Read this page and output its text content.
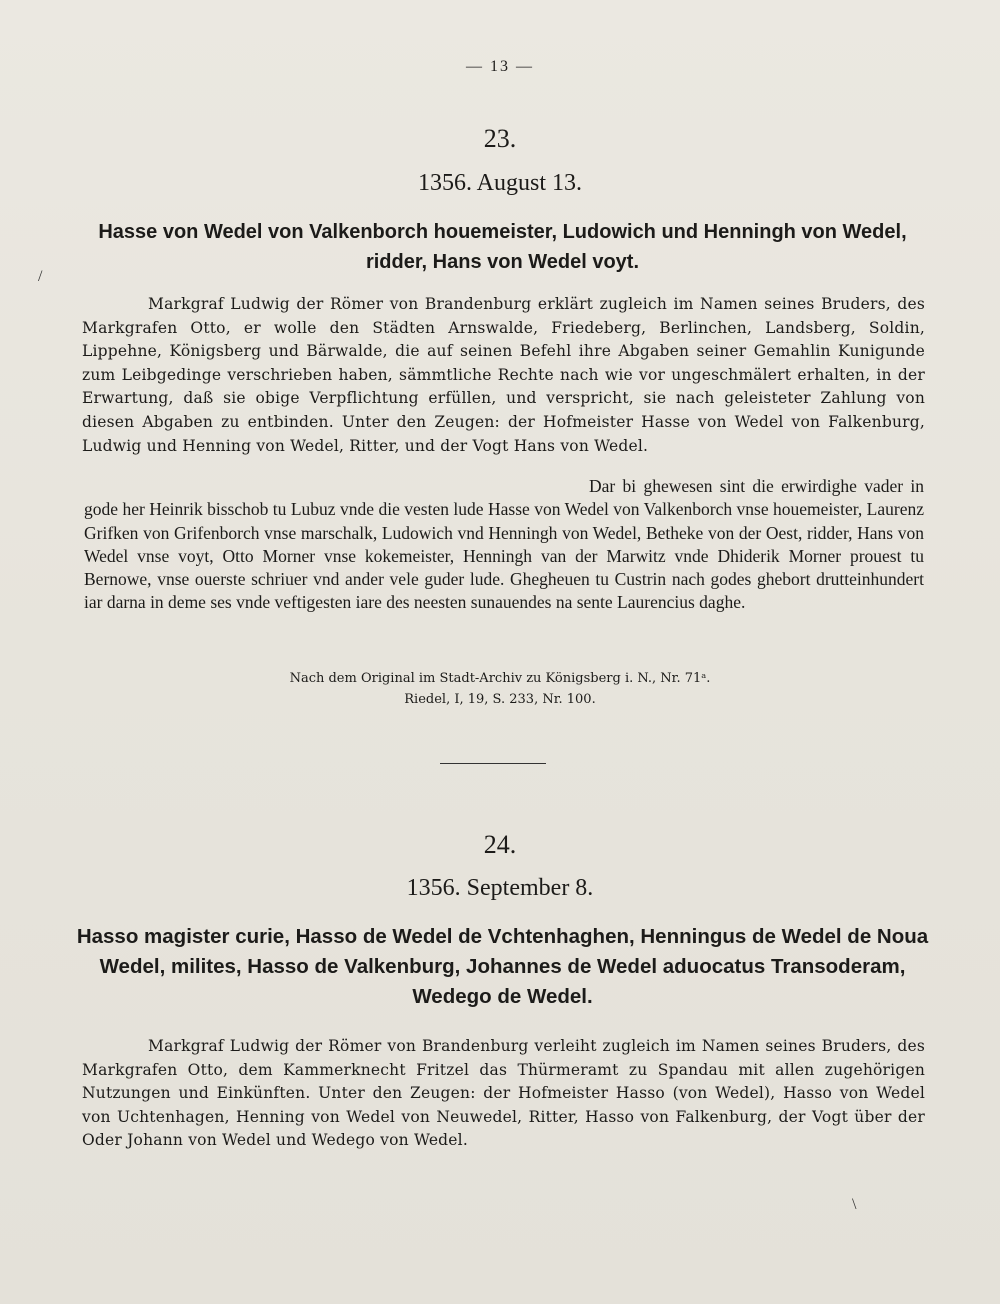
— 13 —
23.
1356. August 13.
Hasse von Wedel von Valkenborch houemeister, Ludowich und Henningh von Wedel, ridder, Hans von Wedel voyt.
Markgraf Ludwig der Römer von Brandenburg erklärt zugleich im Namen seines Bruders, des Markgrafen Otto, er wolle den Städten Arnswalde, Friedeberg, Berlinchen, Landsberg, Soldin, Lippehne, Königsberg und Bärwalde, die auf seinen Befehl ihre Abgaben seiner Gemahlin Kunigunde zum Leibgedinge verschrieben haben, sämmtliche Rechte nach wie vor ungeschmälert erhalten, in der Erwartung, daß sie obige Verpflichtung erfüllen, und verspricht, sie nach geleisteter Zahlung von diesen Abgaben zu entbinden. Unter den Zeugen: der Hofmeister Hasse von Wedel von Falkenburg, Ludwig und Henning von Wedel, Ritter, und der Vogt Hans von Wedel.
Dar bi ghewesen sint die erwirdighe vader in gode her Heinrik bisschob tu Lubuz vnde die vesten lude Hasse von Wedel von Valkenborch vnse houemeister, Laurenz Grifken von Grifenborch vnse marschalk, Ludowich vnd Henningh von Wedel, Betheke von der Oest, ridder, Hans von Wedel vnse voyt, Otto Morner vnse kokemeister, Henningh van der Marwitz vnde Dhiderik Morner prouest tu Bernowe, vnse ouerste schriuer vnd ander vele guder lude. Ghegheuen tu Custrin nach godes ghebort drutteinhundert iar darna in deme ses vnde veftigesten iare des neesten sunauendes na sente Laurencius daghe.
Nach dem Original im Stadt-Archiv zu Königsberg i. N., Nr. 71ᵃ.
Riedel, I, 19, S. 233, Nr. 100.
24.
1356. September 8.
Hasso magister curie, Hasso de Wedel de Vchtenhaghen, Henningus de Wedel de Noua Wedel, milites, Hasso de Valkenburg, Johannes de Wedel aduocatus Transoderam, Wedego de Wedel.
Markgraf Ludwig der Römer von Brandenburg verleiht zugleich im Namen seines Bruders, des Markgrafen Otto, dem Kammerknecht Fritzel das Thürmeramt zu Spandau mit allen zugehörigen Nutzungen und Einkünften. Unter den Zeugen: der Hofmeister Hasso (von Wedel), Hasso von Wedel von Uchtenhagen, Henning von Wedel von Neuwedel, Ritter, Hasso von Falkenburg, der Vogt über der Oder Johann von Wedel und Wedego von Wedel.
/
\
